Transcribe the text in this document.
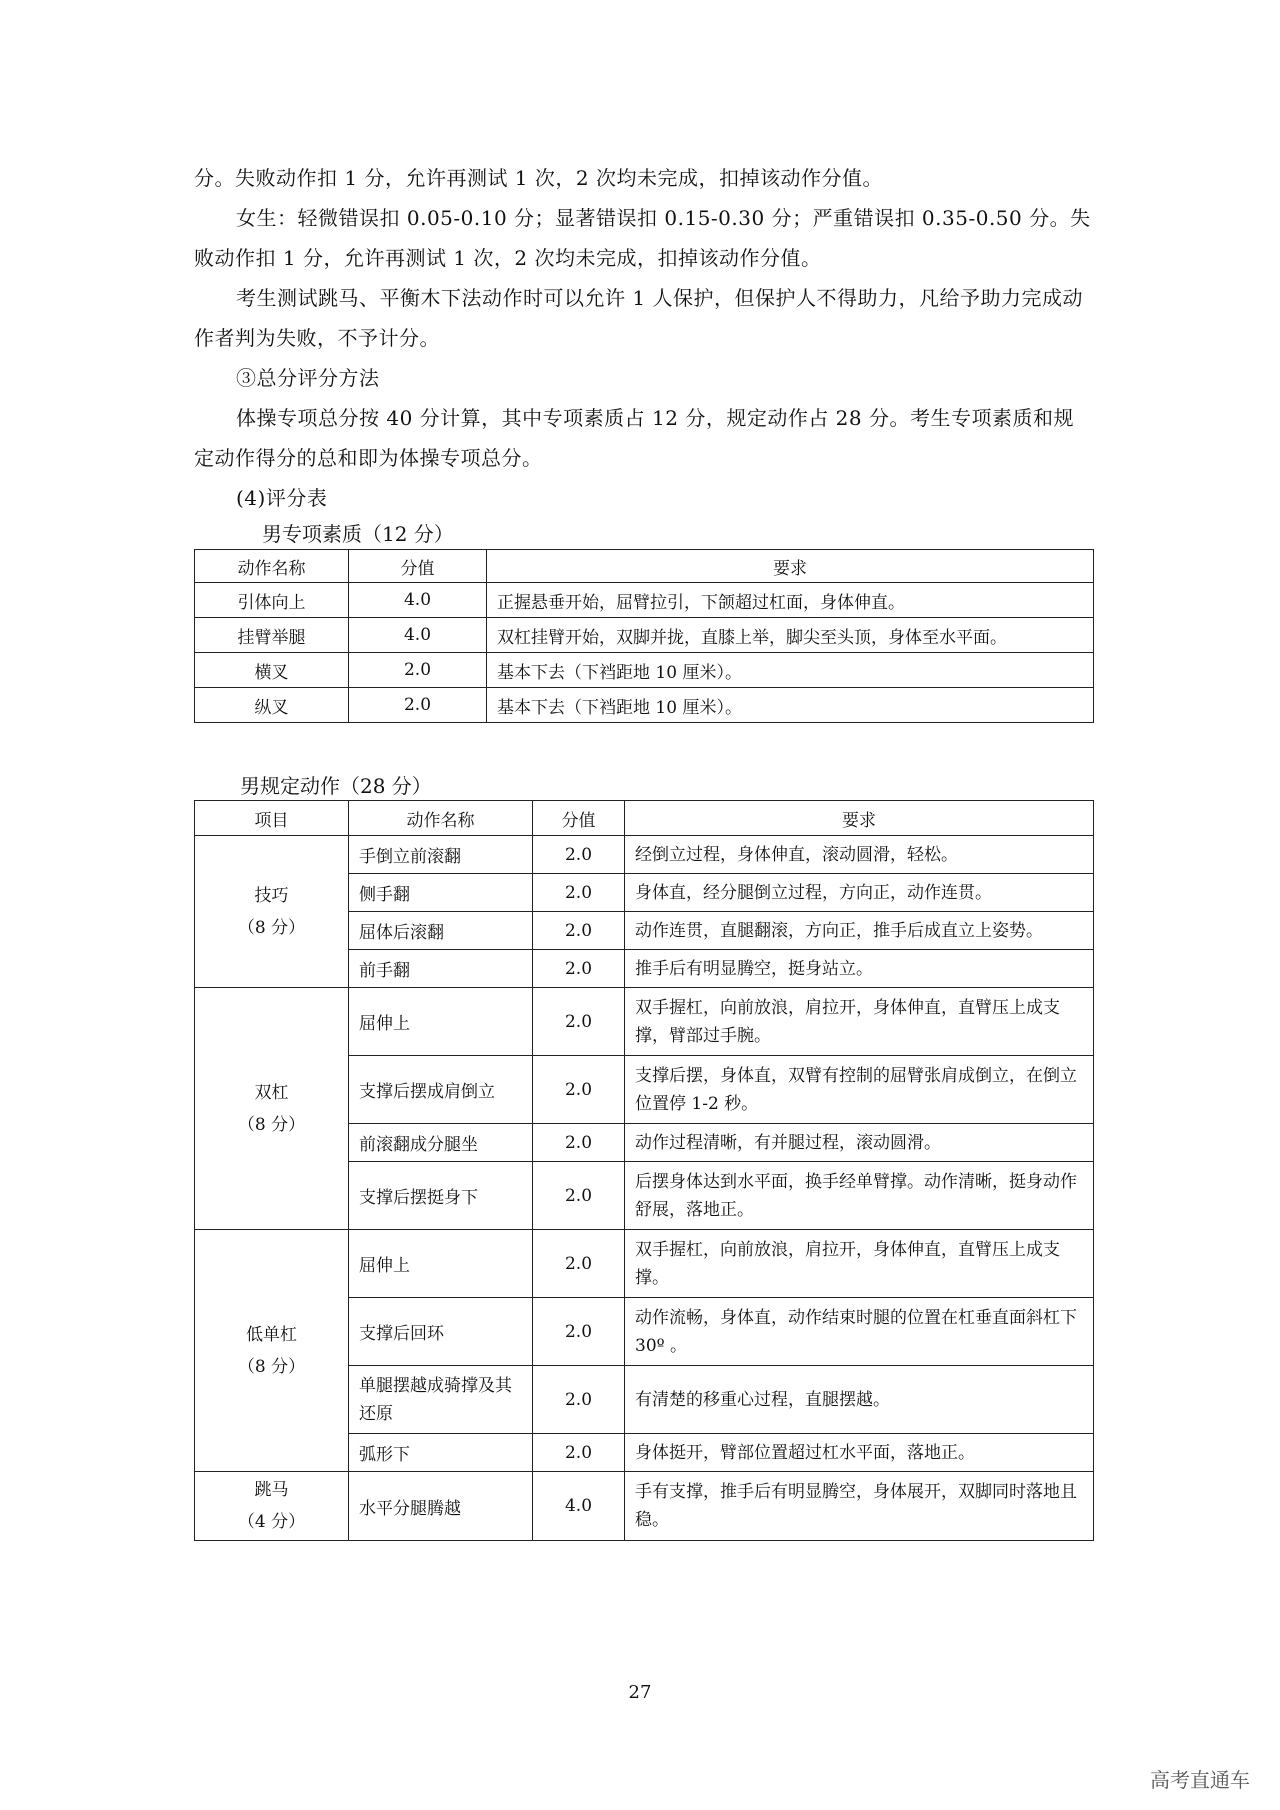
分。失败动作扣 1 分，允许再测试 1 次，2 次均未完成，扣掉该动作分值。

女生：轻微错误扣 0.05-0.10 分；显著错误扣 0.15-0.30 分；严重错误扣 0.35-0.50 分。失败动作扣 1 分，允许再测试 1 次，2 次均未完成，扣掉该动作分值。

考生测试跳马、平衡木下法动作时可以允许 1 人保护，但保护人不得助力，凡给予助力完成动作者判为失败，不予计分。

③总分评分方法

体操专项总分按 40 分计算，其中专项素质占 12 分，规定动作占 28 分。考生专项素质和规定动作得分的总和即为体操专项总分。

(4)评分表

男专项素质（12 分）

动作名称	分值	要求
引体向上	4.0	正握悬垂开始，屈臂拉引，下颌超过杠面，身体伸直。
挂臂举腿	4.0	双杠挂臂开始，双脚并拢，直膝上举，脚尖至头顶，身体至水平面。
横叉	2.0	基本下去（下裆距地 10 厘米）。
纵叉	2.0	基本下去（下裆距地 10 厘米）。

男规定动作（28 分）

项目	动作名称	分值	要求

技巧
（8 分）	手倒立前滚翻	2.0	经倒立过程，身体伸直，滚动圆滑，轻松。
	侧手翻	2.0	身体直，经分腿倒立过程，方向正，动作连贯。
	屈体后滚翻	2.0	动作连贯，直腿翻滚，方向正，推手后成直立上姿势。
	前手翻	2.0	推手后有明显腾空，挺身站立。

双杠
（8 分）	屈伸上	2.0	双手握杠，向前放浪，肩拉开，身体伸直，直臂压上成支撑，臂部过手腕。
	支撑后摆成肩倒立	2.0	支撑后摆，身体直，双臂有控制的屈臂张肩成倒立，在倒立位置停 1-2 秒。
	前滚翻成分腿坐	2.0	动作过程清晰，有并腿过程，滚动圆滑。
	支撑后摆挺身下	2.0	后摆身体达到水平面，换手经单臂撑。动作清晰，挺身动作舒展，落地正。

低单杠
（8 分）	屈伸上	2.0	双手握杠，向前放浪，肩拉开，身体伸直，直臂压上成支撑。
	支撑后回环	2.0	动作流畅，身体直，动作结束时腿的位置在杠垂直面斜杠下 30º 。
	单腿摆越成骑撑及其还原	2.0	有清楚的移重心过程，直腿摆越。
	弧形下	2.0	身体挺开，臂部位置超过杠水平面，落地正。

跳马
（4 分）	水平分腿腾越	4.0	手有支撑，推手后有明显腾空，身体展开，双脚同时落地且稳。
27
高考直通车
